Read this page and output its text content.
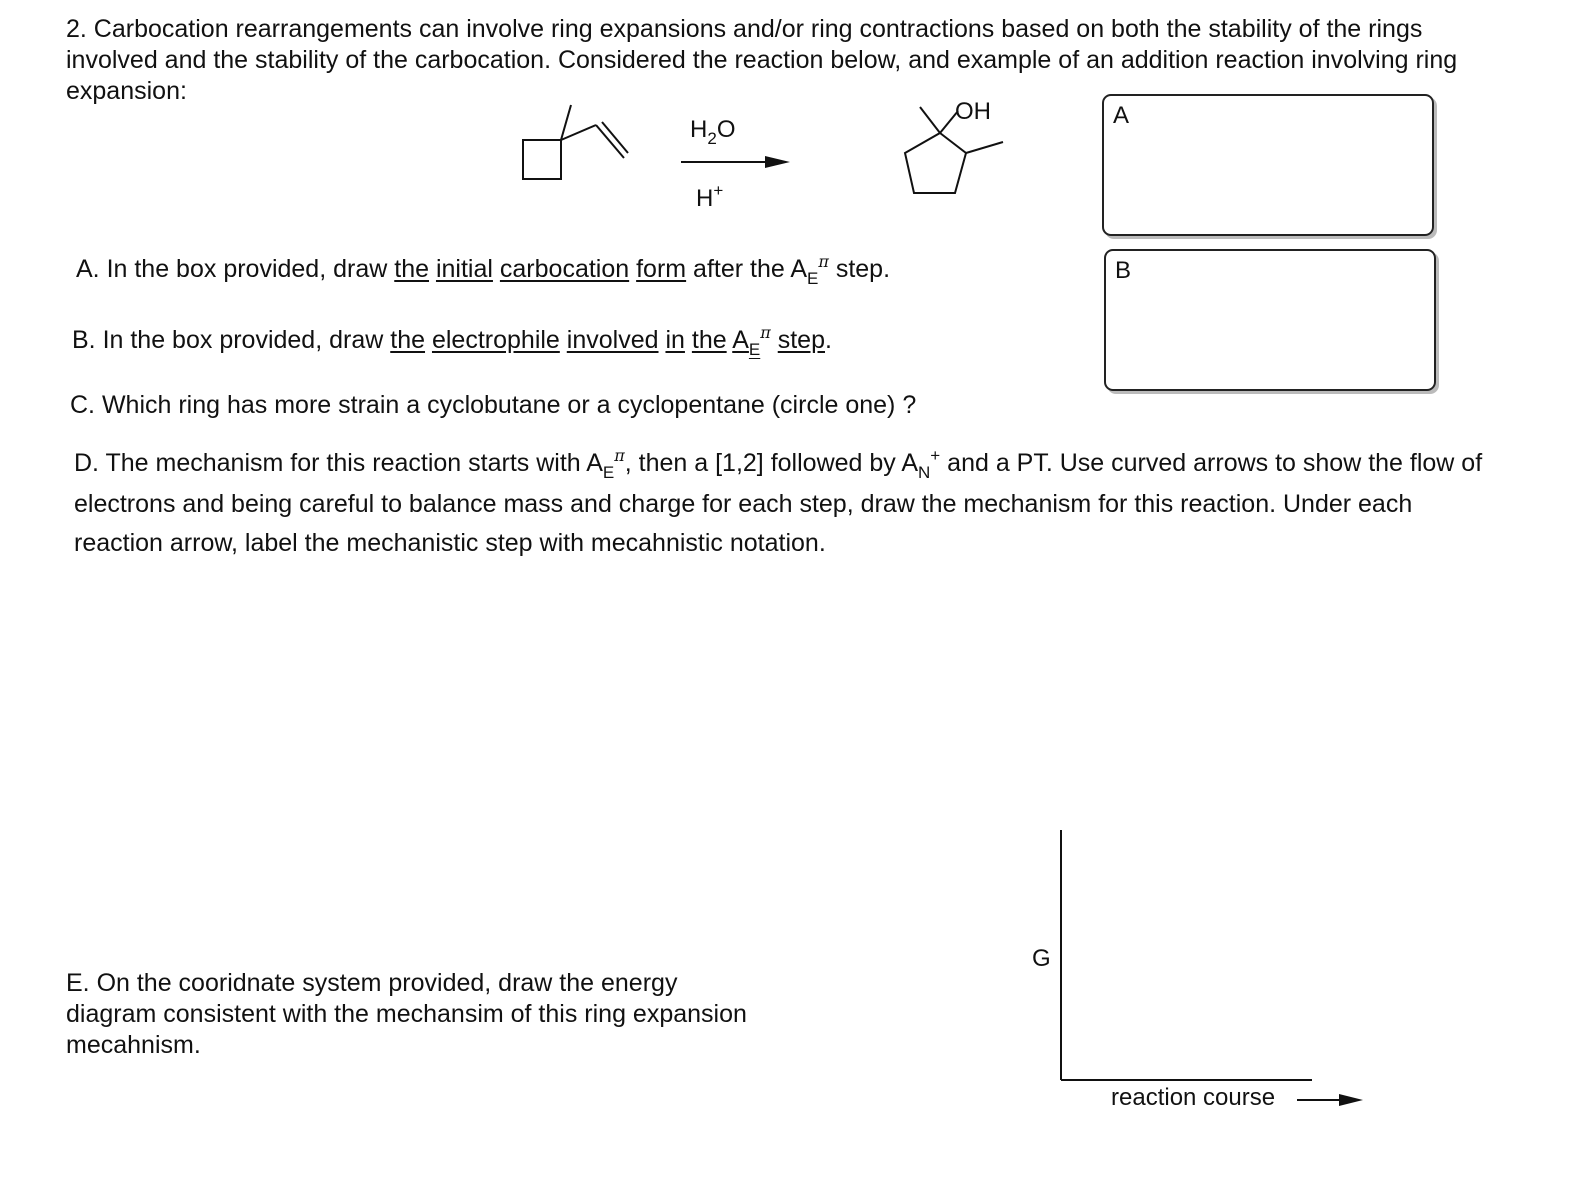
2. Carbocation rearrangements can involve ring expansions and/or ring contractions based on both the stability of the rings involved and the stability of the carbocation. Considered the reaction below, and example of an addition reaction involving ring expansion:

$H_2O$
H+
OH	A
B

A. In the box provided, draw the initial carbocation form after the $A_E^\pi$ step.

B. In the box provided, draw the electrophile involved in the $A_E^\pi$ step.

C. Which ring has more strain a cyclobutane or a cyclopentane (circle one) ?

D. The mechanism for this reaction starts with $A_E^\pi$, then a [1,2] followed by $A_N^+$ and a PT. Use curved arrows to show the flow of electrons and being careful to balance mass and charge for each step, draw the mechanism for this reaction. Under each reaction arrow, label the mechanistic step with mecahnistic notation.

E. On the cooridnate system provided, draw the energy diagram consistent with the mechansim of this ring expansion mecahnism.

G
reaction course
